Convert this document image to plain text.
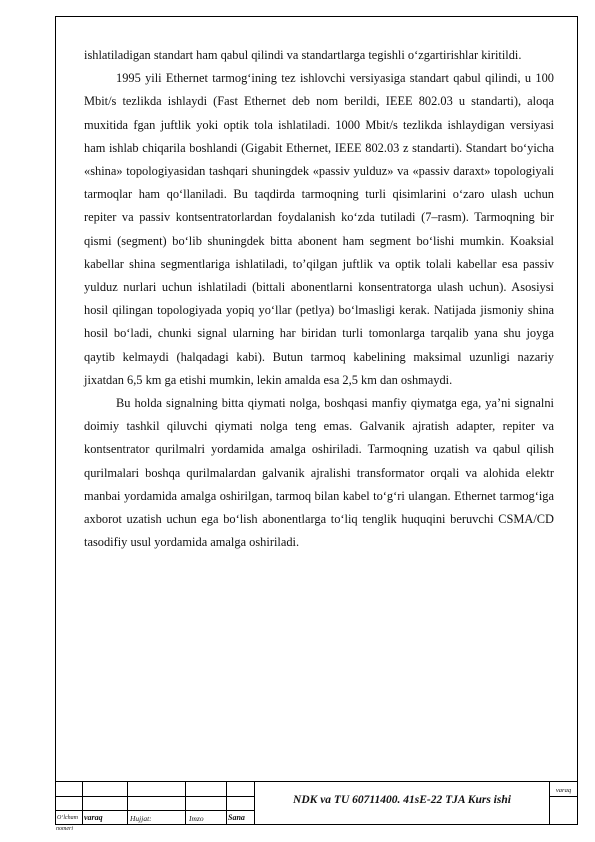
ishlatiladigan standart ham qabul qilindi va standartlarga tegishli o‘zgartirishlar kiritildi.

1995 yili Ethernet tarmog‘ining tez ishlovchi versiyasiga standart qabul qilindi, u 100 Mbit/s tezlikda ishlaydi (Fast Ethernet deb nom berildi, IEEE 802.03 u standarti), aloqa muxitida fgan juftlik yoki optik tola ishlatiladi. 1000 Mbit/s tezlikda ishlaydigan versiyasi ham ishlab chiqarila boshlandi (Gigabit Ethernet, IEEE 802.03 z standarti). Standart bo‘yicha «shina» topologiyasidan tashqari shuningdek «passiv yulduz» va «passiv daraxt» topologiyali tarmoqlar ham qo‘llaniladi. Bu taqdirda tarmoqning turli qisimlarini o‘zaro ulash uchun repiter va passiv kontsentratorlardan foydalanish ko‘zda tutiladi (7–rasm). Tarmoqning bir qismi (segment) bo‘lib shuningdek bitta abonent ham segment bo‘lishi mumkin. Koaksial kabellar shina segmentlariga ishlatiladi, to’qilgan juftlik va optik tolali kabellar esa passiv yulduz nurlari uchun ishlatiladi (bittali abonentlarni konsentratorga ulash uchun). Asosiysi hosil qilingan topologiyada yopiq yo‘llar (petlya) bo‘lmasligi kerak. Natijada jismoniy shina hosil bo‘ladi, chunki signal ularning har biridan turli tomonlarga tarqalib yana shu joyga qaytib kelmaydi (halqadagi kabi). Butun tarmoq kabelining maksimal uzunligi nazariy jixatdan 6,5 km ga etishi mumkin, lekin amalda esa 2,5 km dan oshmaydi.

Bu holda signalning bitta qiymati nolga, boshqasi manfiy qiymatga ega, ya’ni signalni doimiy tashkil qiluvchi qiymati nolga teng emas. Galvanik ajratish adapter, repiter va kontsentrator qurilmalri yordamida amalga oshiriladi. Tarmoqning uzatish va qabul qilish qurilmalari boshqa qurilmalardan galvanik ajralishi transformator orqali va alohida elektr manbai yordamida amalga oshirilgan, tarmoq bilan kabel to‘g‘ri ulangan. Ethernet tarmog‘iga axborot uzatish uchun ega bo‘lish abonentlarga to‘liq tenglik huquqini beruvchi CSMA/CD tasodifiy usul yordamida amalga oshiriladi.

O‘lcham varaq	Hujjat:	Imzo	Sana
NDK va TU 60711400. 41sE-22 TJA Kurs ishi
varaq
nomeri
